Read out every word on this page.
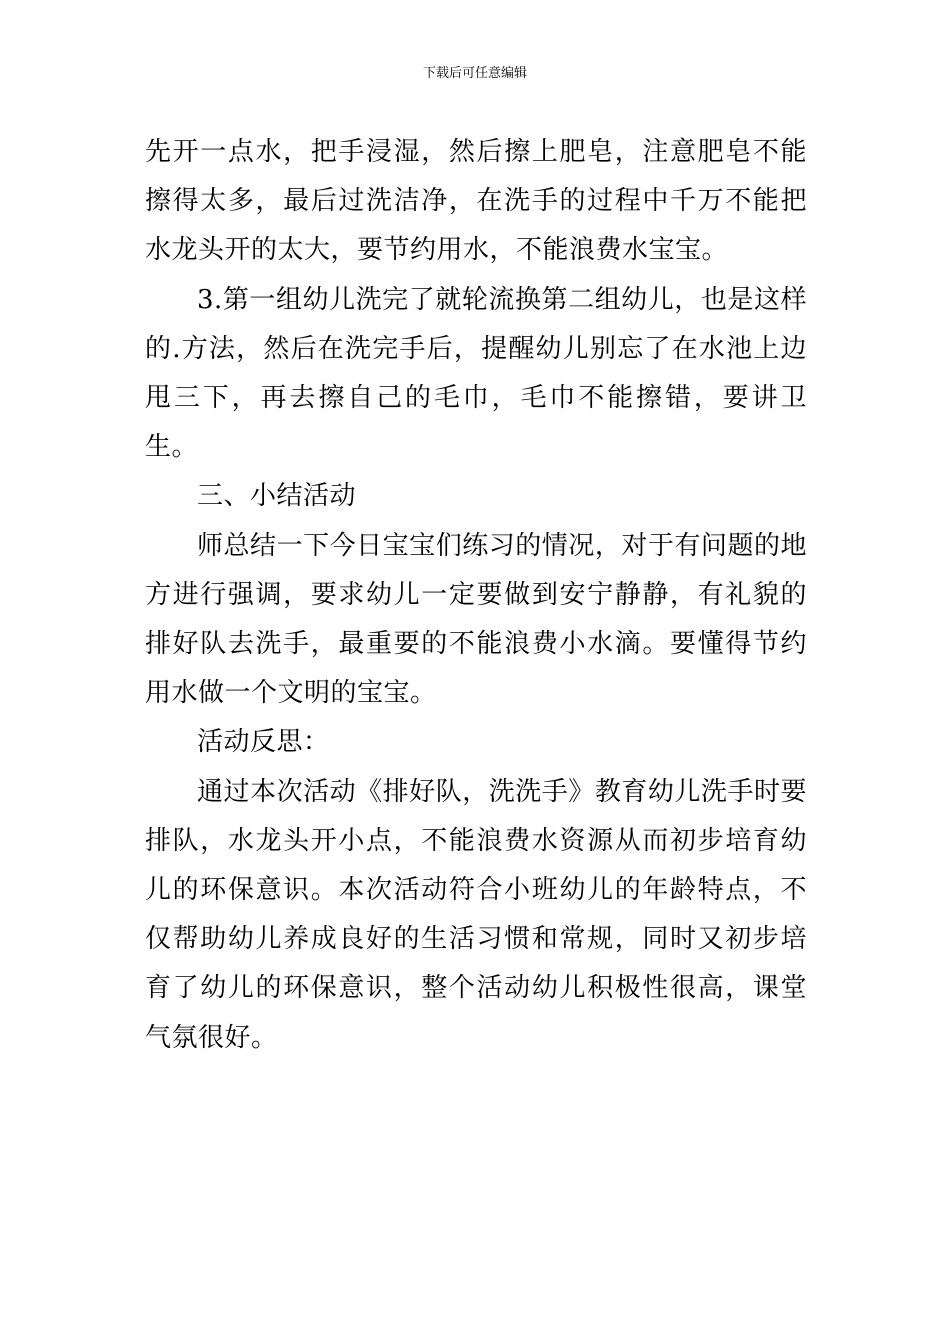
下载后可任意编辑

先开一点水，把手浸湿，然后擦上肥皂，注意肥皂不能擦得太多，最后过洗洁净，在洗手的过程中千万不能把水龙头开的太大，要节约用水，不能浪费水宝宝。

3.第一组幼儿洗完了就轮流换第二组幼儿，也是这样的.方法，然后在洗完手后，提醒幼儿别忘了在水池上边甩三下，再去擦自己的毛巾，毛巾不能擦错，要讲卫生。

三、小结活动

师总结一下今日宝宝们练习的情况，对于有问题的地方进行强调，要求幼儿一定要做到安宁静静，有礼貌的排好队去洗手，最重要的不能浪费小水滴。要懂得节约用水做一个文明的宝宝。

活动反思：

通过本次活动《排好队，洗洗手》教育幼儿洗手时要排队，水龙头开小点，不能浪费水资源从而初步培育幼儿的环保意识。本次活动符合小班幼儿的年龄特点，不仅帮助幼儿养成良好的生活习惯和常规，同时又初步培育了幼儿的环保意识，整个活动幼儿积极性很高，课堂气氛很好。
